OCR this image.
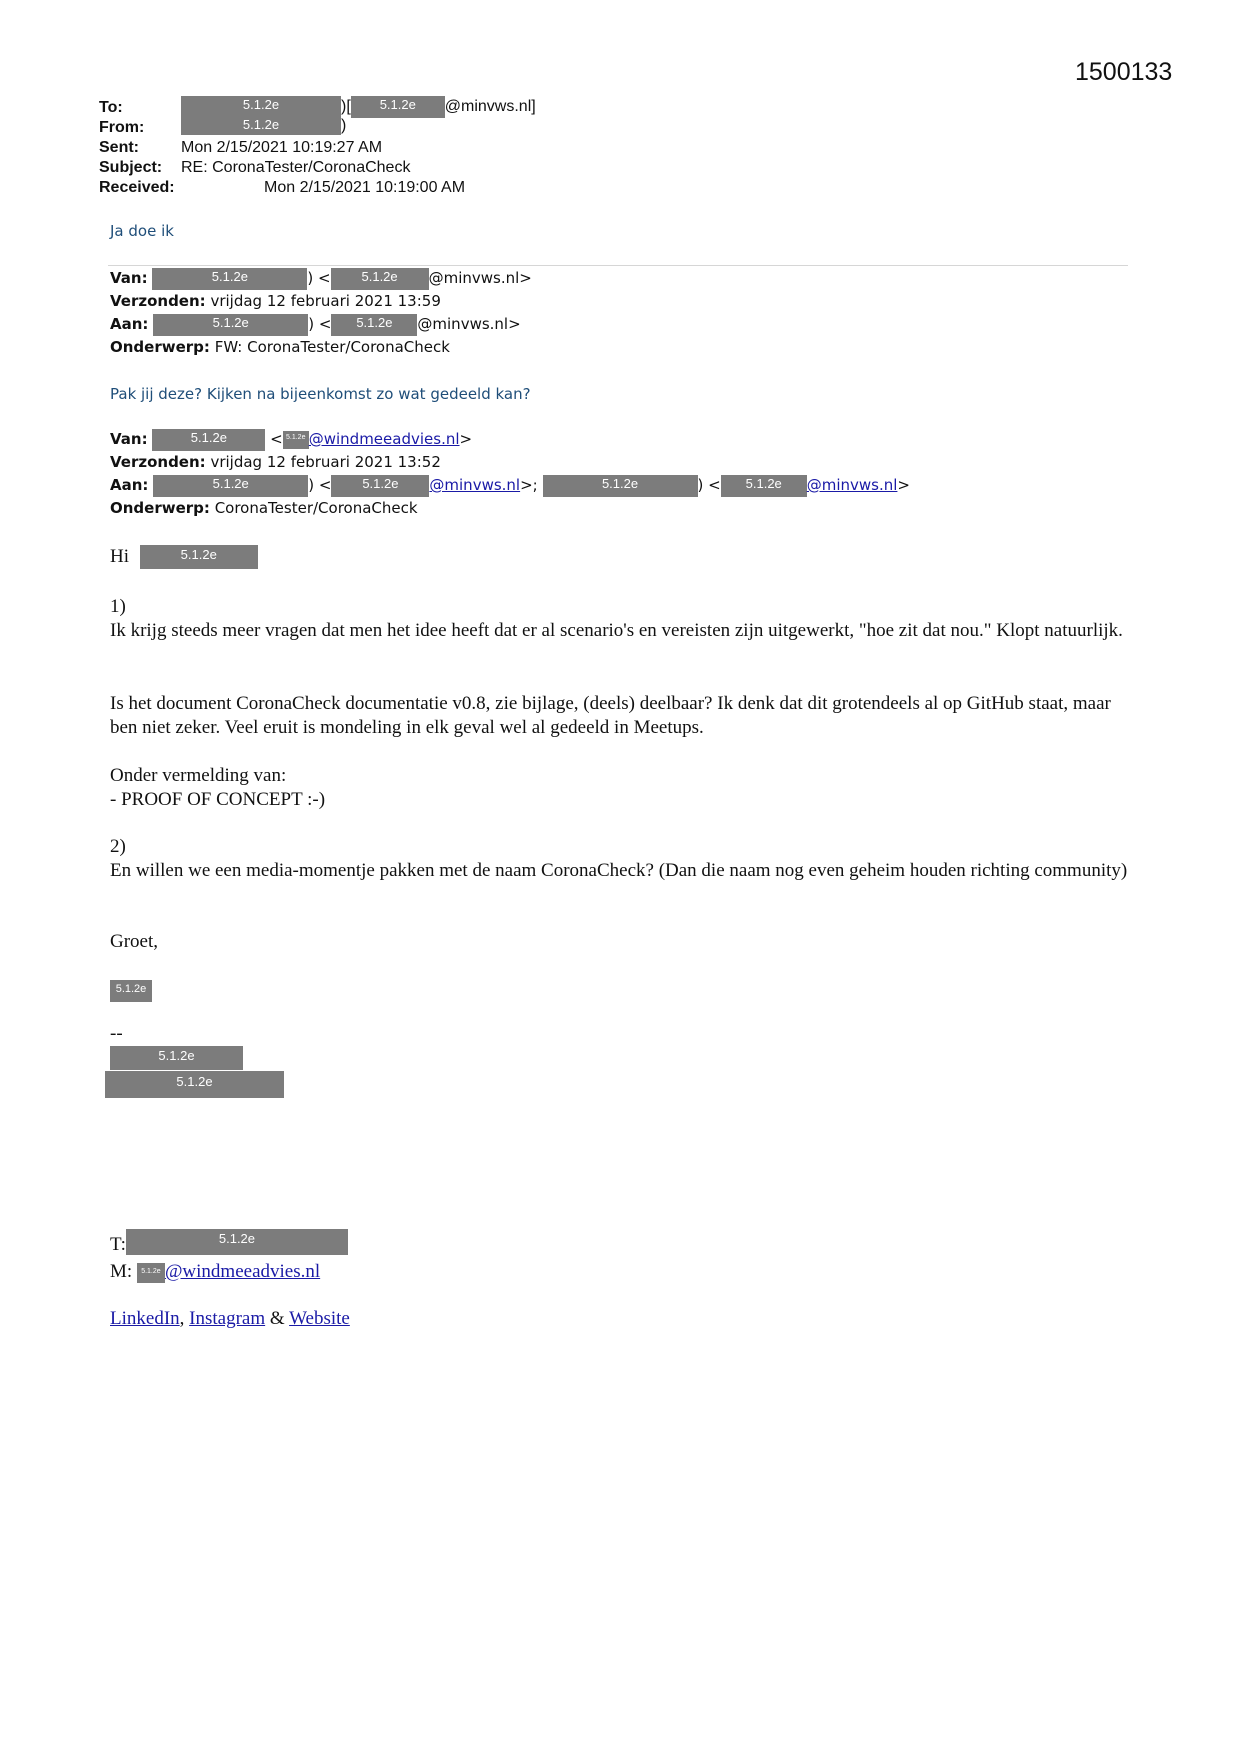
1500133
To:	5.1.2e	)[ 5.1.2e @minvws.nl]
From:	5.1.2e	)
Sent:	Mon 2/15/2021 10:19:27 AM
Subject: RE: CoronaTester/CoronaCheck
Received:	Mon 2/15/2021 10:19:00 AM
Ja doe ik
Van:	5.1.2e	) < 5.1.2e @minvws.nl>
Verzonden: vrijdag 12 februari 2021 13:59
Aan:	5.1.2e	) < 5.1.2e @minvws.nl>
Onderwerp: FW: CoronaTester/CoronaCheck
Pak jij deze? Kijken na bijeenkomst zo wat gedeeld kan?
Van:	5.1.2e	< 5.1.2e @windmeeadvies.nl>
Verzonden: vrijdag 12 februari 2021 13:52
Aan:	5.1.2e	) < 5.1.2e @minvws.nl>;	5.1.2e	) < 5.1.2e @minvws.nl>
Onderwerp: CoronaTester/CoronaCheck
Hi	5.1.2e

1)

Ik krijg steeds meer vragen dat men het idee heeft dat er al scenario's en vereisten zijn uitgewerkt, "hoe zit dat nou." Klopt natuurlijk.

Is het document CoronaCheck documentatie v0.8, zie bijlage, (deels) deelbaar? Ik denk dat dit grotendeels al op GitHub staat, maar ben niet zeker. Veel eruit is mondeling in elk geval wel al gedeeld in Meetups.

Onder vermelding van:

- PROOF OF CONCEPT :-)

2)

En willen we een media-momentje pakken met de naam CoronaCheck? (Dan die naam nog even geheim houden richting community)

Groet,
5.1.2e
--
5.1.2e
5.1.2e
T:	5.1.2e
M: 5.1.2e @windmeeadvies.nl
LinkedIn, Instagram & Website
